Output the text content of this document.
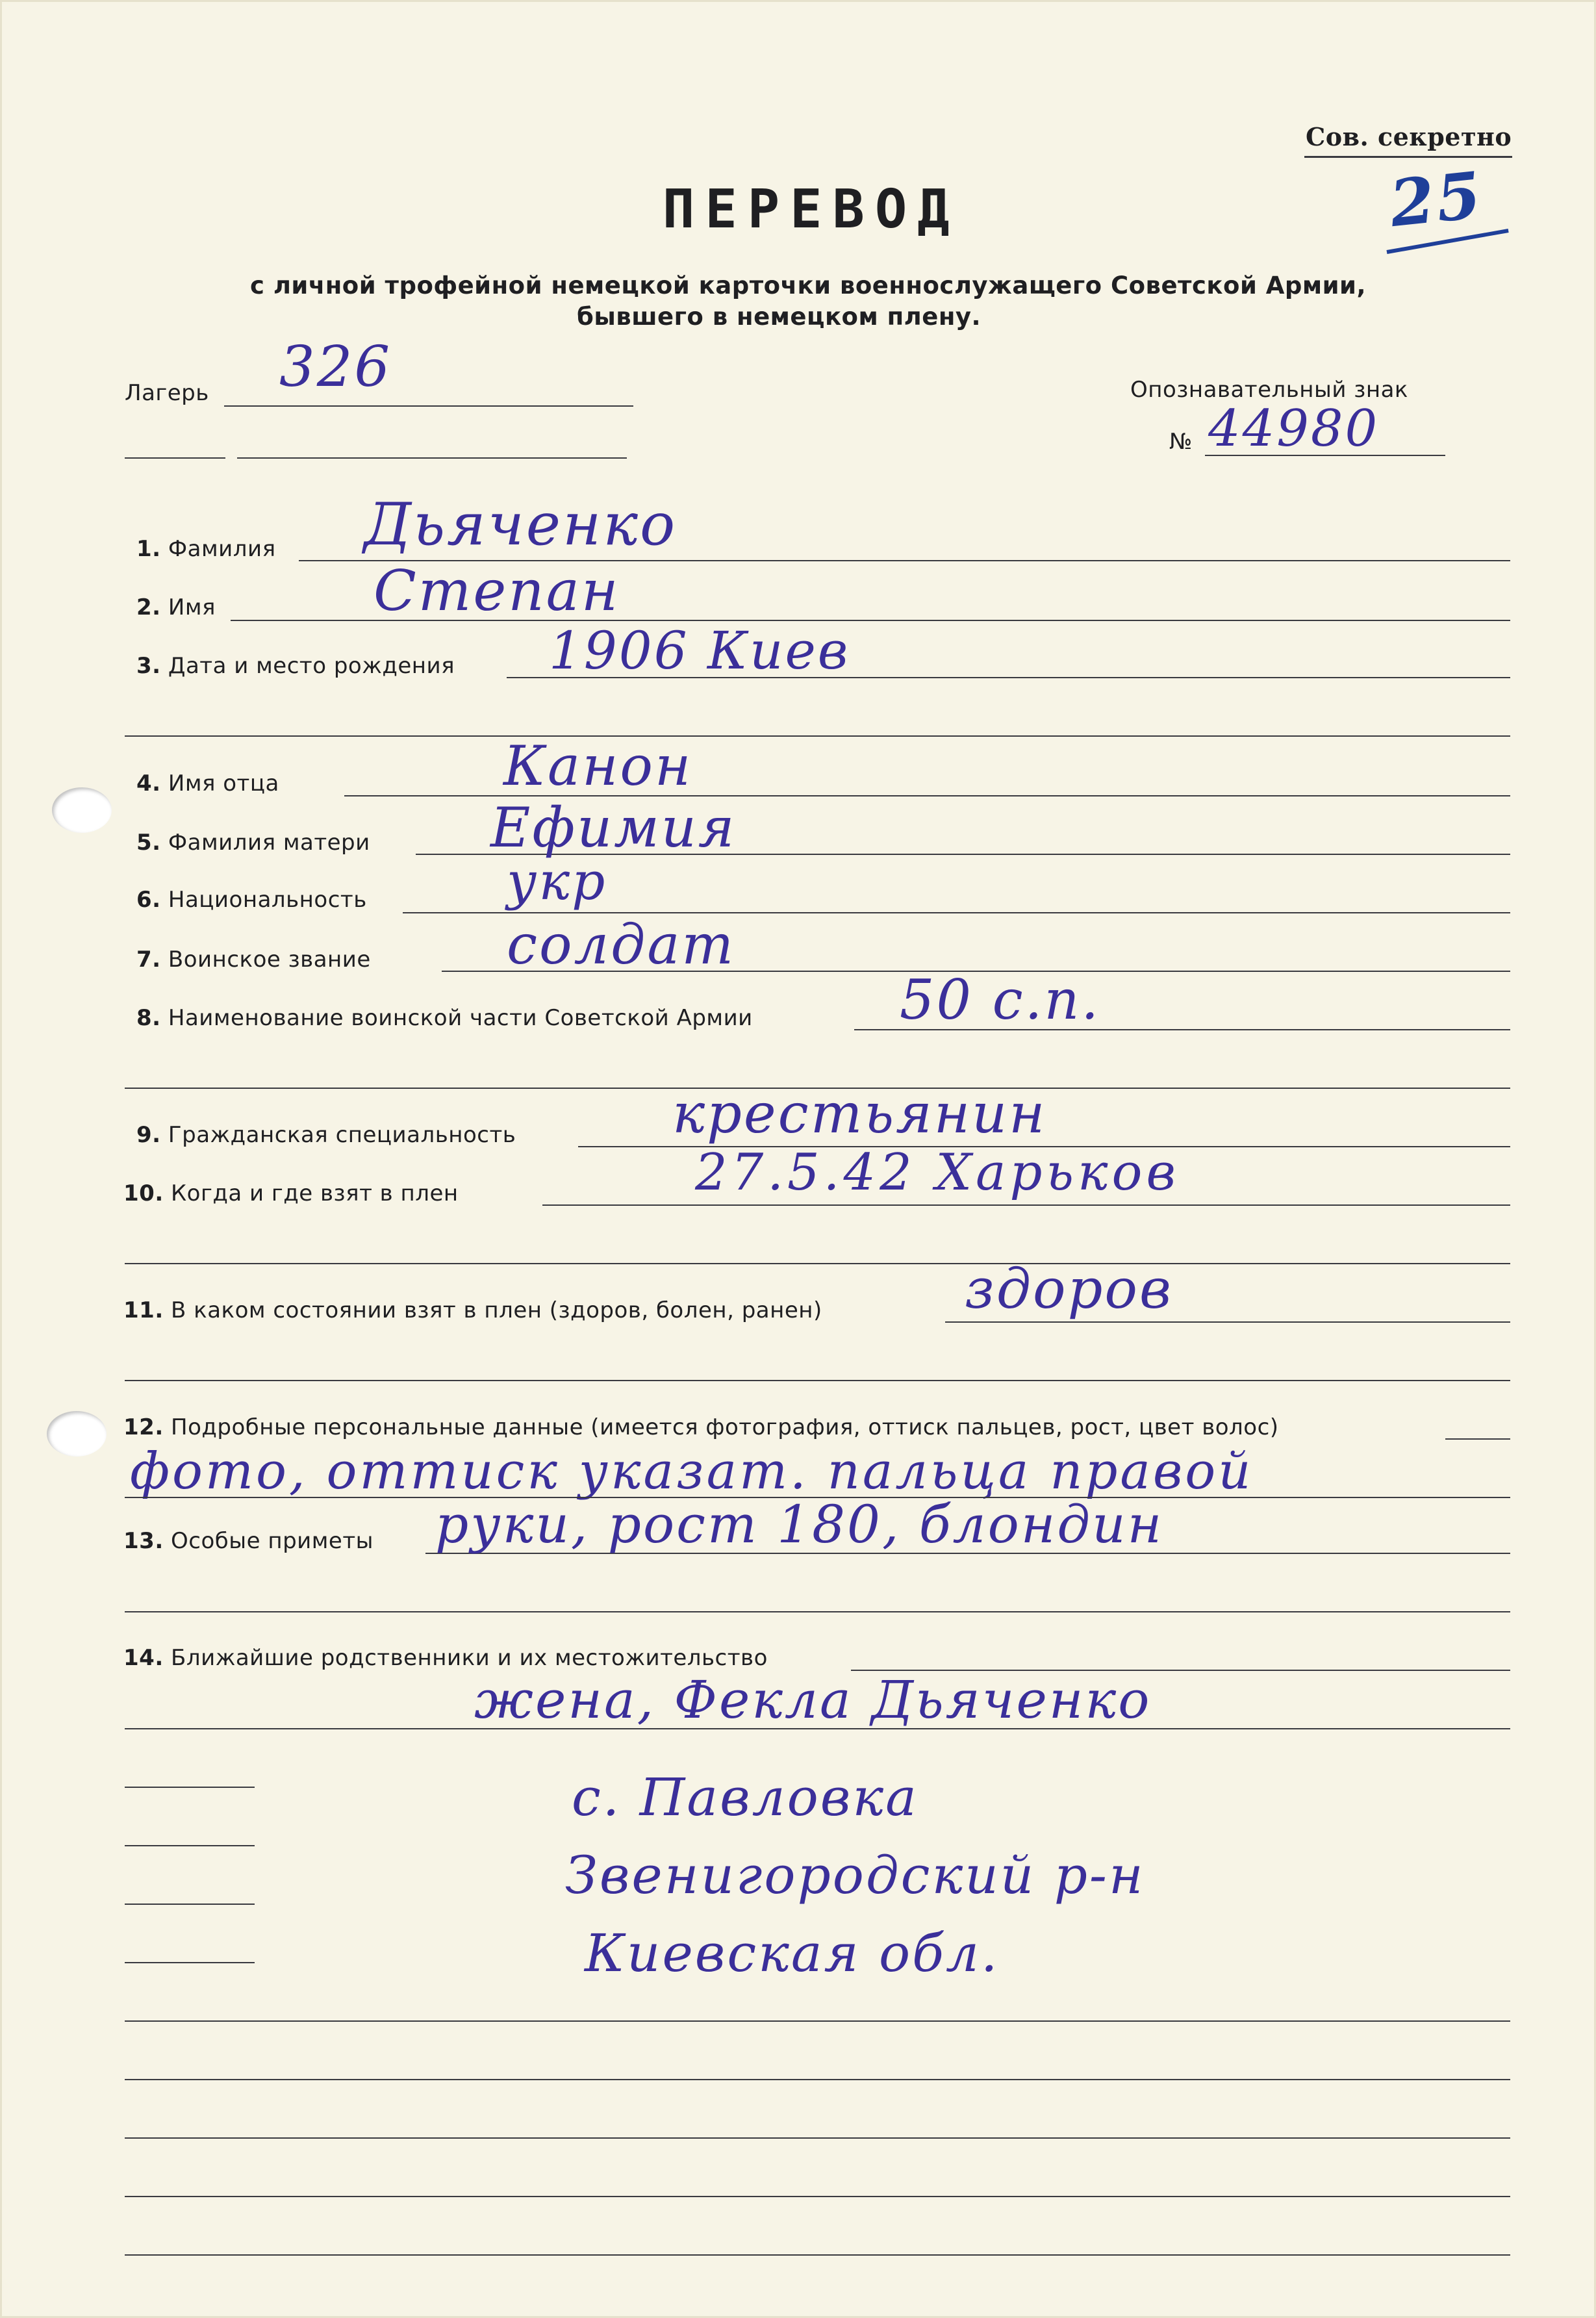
Сов. секретно
25
ПЕРЕВОД
с личной трофейной немецкой карточки военнослужащего Советской Армии,
бывшего в немецком плену.
Лагерь 326	Опознавательный знак
№ 44980
1. Фамилия Дьяченко
2. Имя	Степан
3. Дата и место рождения 1906 Киев
4. Имя отца	Канон
5. Фамилия матери Ефимия
6. Национальность	укр
7. Воинское звание солдат
8. Наименование воинской части Советской Армии	50 с.п.
9. Гражданская специальность	крестьянин
10. Когда и где взят в плен	27.5.42 Харьков
11. В каком состоянии взят в плен (здоров, болен, ранен)	здоров
12. Подробные персональные данные (имеется фотография, оттиск пальцев, рост, цвет волос)
фото, оттиск указат. пальца правой
13. Особые приметы руки, рост 180, блондин
14. Ближайшие родственники и их местожительство
жена, Фекла Дьяченко
с. Павловка
Звенигородский р-н
Киевская обл.
